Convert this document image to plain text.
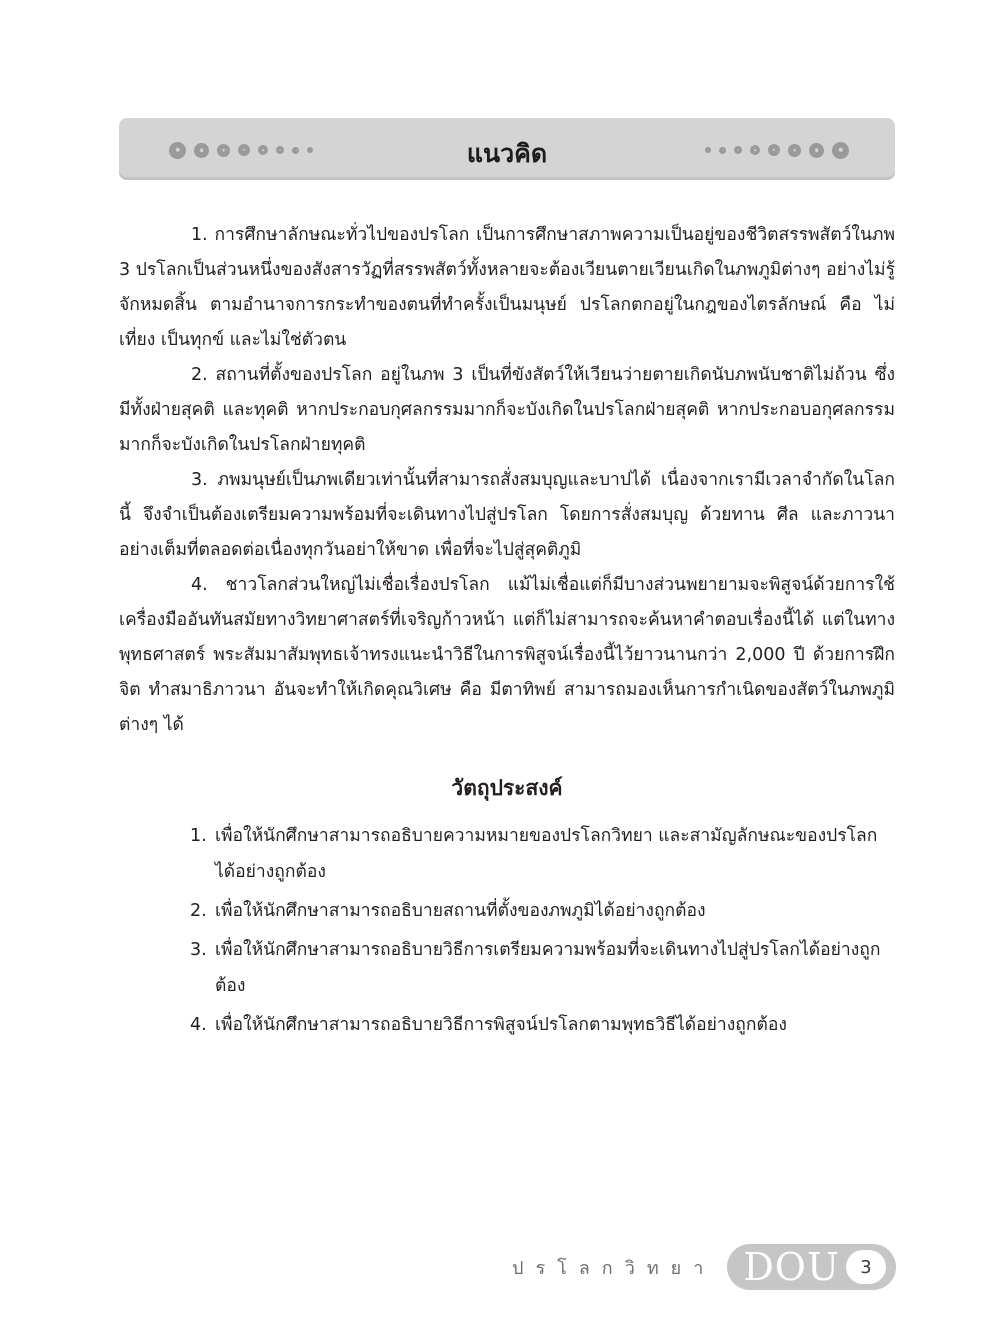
แนวคิด

1. การศึกษาลักษณะทั่วไปของปรโลก เป็นการศึกษาสภาพความเป็นอยู่ของชีวิตสรรพสัตว์ในภพ 3 ปรโลกเป็นส่วนหนึ่งของสังสารวัฏที่สรรพสัตว์ทั้งหลายจะต้องเวียนตายเวียนเกิดในภพภูมิต่างๆ อย่างไม่รู้จักหมดสิ้น ตามอำนาจการกระทำของตนที่ทำครั้งเป็นมนุษย์ ปรโลกตกอยู่ในกฎของไตรลักษณ์ คือ ไม่เที่ยง เป็นทุกข์ และไม่ใช่ตัวตน

2. สถานที่ตั้งของปรโลก อยู่ในภพ 3 เป็นที่ขังสัตว์ให้เวียนว่ายตายเกิดนับภพนับชาติไม่ถ้วน ซึ่งมีทั้งฝ่ายสุคติ และทุคติ หากประกอบกุศลกรรมมากก็จะบังเกิดในปรโลกฝ่ายสุคติ หากประกอบอกุศลกรรมมากก็จะบังเกิดในปรโลกฝ่ายทุคติ

3. ภพมนุษย์เป็นภพเดียวเท่านั้นที่สามารถสั่งสมบุญและบาปได้ เนื่องจากเรามีเวลาจำกัดในโลกนี้ จึงจำเป็นต้องเตรียมความพร้อมที่จะเดินทางไปสู่ปรโลก โดยการสั่งสมบุญ ด้วยทาน ศีล และภาวนา อย่างเต็มที่ตลอดต่อเนื่องทุกวันอย่าให้ขาด เพื่อที่จะไปสู่สุคติภูมิ

4. ชาวโลกส่วนใหญ่ไม่เชื่อเรื่องปรโลก แม้ไม่เชื่อแต่ก็มีบางส่วนพยายามจะพิสูจน์ด้วยการใช้เครื่องมืออันทันสมัยทางวิทยาศาสตร์ที่เจริญก้าวหน้า แต่ก็ไม่สามารถจะค้นหาคำตอบเรื่องนี้ได้ แต่ในทางพุทธศาสตร์ พระสัมมาสัมพุทธเจ้าทรงแนะนำวิธีในการพิสูจน์เรื่องนี้ไว้ยาวนานกว่า 2,000 ปี ด้วยการฝึกจิต ทำสมาธิภาวนา อันจะทำให้เกิดคุณวิเศษ คือ มีตาทิพย์ สามารถมองเห็นการกำเนิดของสัตว์ในภพภูมิต่างๆ ได้

วัตถุประสงค์
1. เพื่อให้นักศึกษาสามารถอธิบายความหมายของปรโลกวิทยา และสามัญลักษณะของปรโลกได้อย่างถูกต้อง
2. เพื่อให้นักศึกษาสามารถอธิบายสถานที่ตั้งของภพภูมิได้อย่างถูกต้อง
3. เพื่อให้นักศึกษาสามารถอธิบายวิธีการเตรียมความพร้อมที่จะเดินทางไปสู่ปรโลกได้อย่างถูกต้อง
4. เพื่อให้นักศึกษาสามารถอธิบายวิธีการพิสูจน์ปรโลกตามพุทธวิธีได้อย่างถูกต้อง
ปรโลกวิทยา DOU	3
